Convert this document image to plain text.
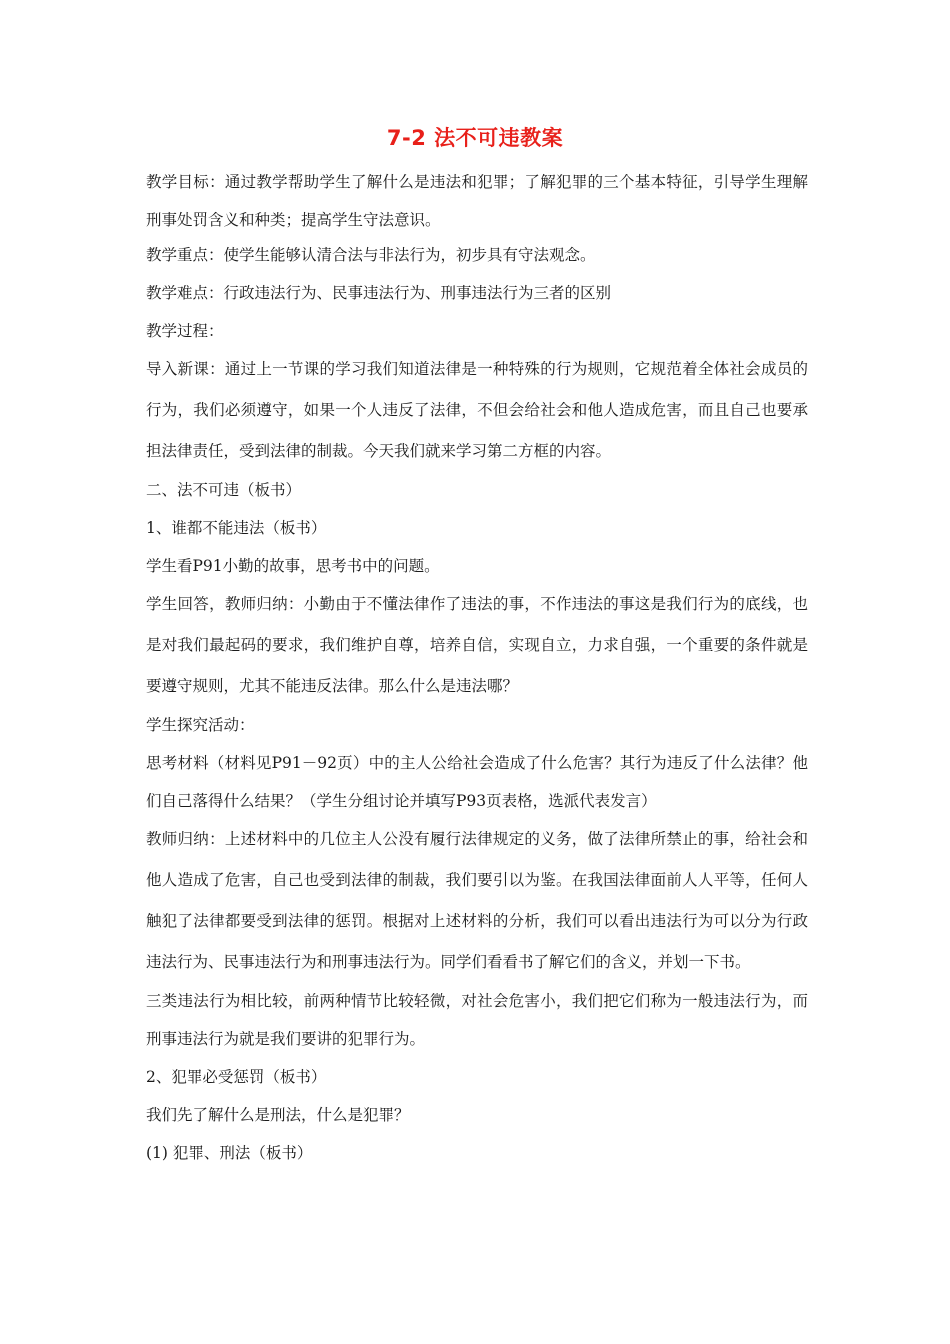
7-2 法不可违教案

教学目标：通过教学帮助学生了解什么是违法和犯罪；了解犯罪的三个基本特征，引导学生理解刑事处罚含义和种类；提高学生守法意识。

教学重点：使学生能够认清合法与非法行为，初步具有守法观念。

教学难点：行政违法行为、民事违法行为、刑事违法行为三者的区别

教学过程：

导入新课：通过上一节课的学习我们知道法律是一种特殊的行为规则，它规范着全体社会成员的行为，我们必须遵守，如果一个人违反了法律，不但会给社会和他人造成危害，而且自己也要承担法律责任，受到法律的制裁。今天我们就来学习第二方框的内容。

二、法不可违（板书）

1、谁都不能违法（板书）

学生看P91小勤的故事，思考书中的问题。

学生回答，教师归纳：小勤由于不懂法律作了违法的事，不作违法的事这是我们行为的底线，也是对我们最起码的要求，我们维护自尊，培养自信，实现自立，力求自强，一个重要的条件就是要遵守规则，尤其不能违反法律。那么什么是违法哪？

学生探究活动：

思考材料（材料见P91－92页）中的主人公给社会造成了什么危害？其行为违反了什么法律？他们自己落得什么结果？（学生分组讨论并填写P93页表格，选派代表发言）

教师归纳：上述材料中的几位主人公没有履行法律规定的义务，做了法律所禁止的事，给社会和他人造成了危害，自己也受到法律的制裁，我们要引以为鉴。在我国法律面前人人平等，任何人触犯了法律都要受到法律的惩罚。根据对上述材料的分析，我们可以看出违法行为可以分为行政违法行为、民事违法行为和刑事违法行为。同学们看看书了解它们的含义，并划一下书。

三类违法行为相比较，前两种情节比较轻微，对社会危害小，我们把它们称为一般违法行为，而刑事违法行为就是我们要讲的犯罪行为。

2、犯罪必受惩罚（板书）

我们先了解什么是刑法，什么是犯罪？

(1) 犯罪、刑法（板书）
